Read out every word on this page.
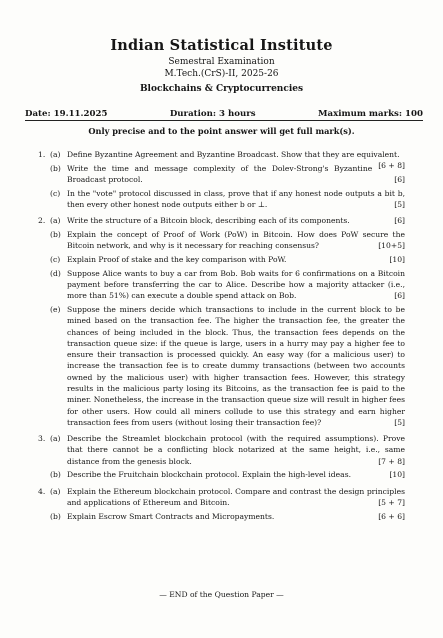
Indian Statistical Institute
Semestral Examination
M.Tech.(CrS)-II, 2025-26
Blockchains & Cryptocurrencies
Date: 19.11.2025	Duration: 3 hours	Maximum marks: 100
Only precise and to the point answer will get full mark(s).
1. (a) Define Byzantine Agreement and Byzantine Broadcast. Show that they are equivalent.
[6 + 8]
(b) Write the time and message complexity of the Dolev-Strong's Byzantine Broadcast protocol.	[6]
(c) In the "vote" protocol discussed in class, prove that if any honest node outputs a bit b, then every other honest node outputs either b or ⊥.	[5]
2. (a) Write the structure of a Bitcoin block, describing each of its components.	[6]
(b) Explain the concept of Proof of Work (PoW) in Bitcoin. How does PoW secure the Bitcoin network, and why is it necessary for reaching consensus?	[10+5]
(c) Explain Proof of stake and the key comparison with PoW.	[10]
(d) Suppose Alice wants to buy a car from Bob. Bob waits for 6 confirmations on a Bitcoin payment before transferring the car to Alice. Describe how a majority attacker (i.e., more than 51%) can execute a double spend attack on Bob.	[6]
(e) Suppose the miners decide which transactions to include in the current block to be mined based on the transaction fee. The higher the transaction fee, the greater the chances of being included in the block. Thus, the transaction fees depends on the transaction queue size: if the queue is large, users in a hurry may pay a higher fee to ensure their transaction is processed quickly. An easy way (for a malicious user) to increase the transaction fee is to create dummy transactions (between two accounts owned by the malicious user) with higher transaction fees. However, this strategy results in the malicious party losing its Bitcoins, as the transaction fee is paid to the miner. Nonetheless, the increase in the transaction queue size will result in higher fees for other users. How could all miners collude to use this strategy and earn higher transaction fees from users (without losing their transaction fee)?	[5]
3. (a) Describe the Streamlet blockchain protocol (with the required assumptions). Prove that there cannot be a conflicting block notarized at the same height, i.e., same distance from the genesis block.	[7 + 8]
(b) Describe the Fruitchain blockchain protocol. Explain the high-level ideas.	[10]
4. (a) Explain the Ethereum blockchain protocol. Compare and contrast the design principles and applications of Ethereum and Bitcoin.	[5 + 7]
(b) Explain Escrow Smart Contracts and Micropayments.	[6 + 6]
— END of the Question Paper —
